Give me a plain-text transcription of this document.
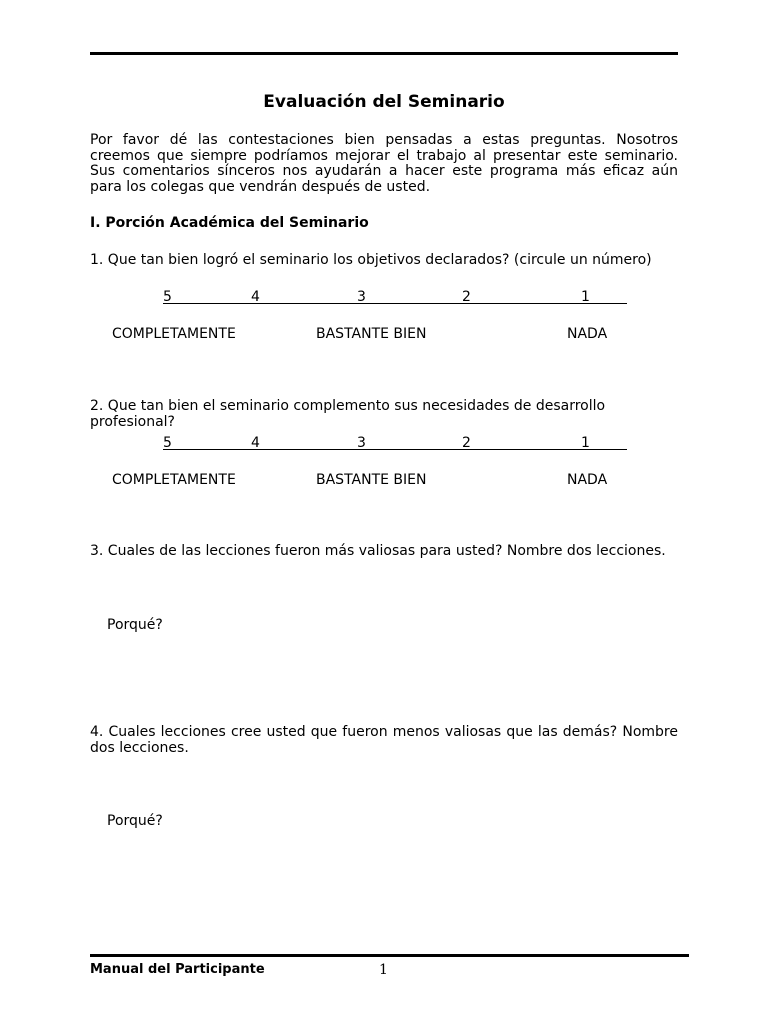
Evaluación del Seminario

Por favor dé las contestaciones bien pensadas a estas preguntas. Nosotros creemos que siempre podríamos mejorar el trabajo al presentar este seminario. Sus comentarios sínceros nos ayudarán a hacer este programa más eficaz aún para los colegas que vendrán después de usted.

I. Porción Académica del Seminario
1. Que tan bien logró el seminario los objetivos declarados? (circule un número)
5	4	3	2	1
COMPLETAMENTE	BASTANTE BIEN	NADA
2. Que tan bien el seminario complemento sus necesidades de desarrollo profesional?
5	4	3	2	1
COMPLETAMENTE	BASTANTE BIEN	NADA
3. Cuales de las lecciones fueron más valiosas para usted? Nombre dos lecciones.
Porqué?
4. Cuales lecciones cree usted que fueron menos valiosas que las demás? Nombre dos lecciones.
Porqué?
Manual del Participante	1
